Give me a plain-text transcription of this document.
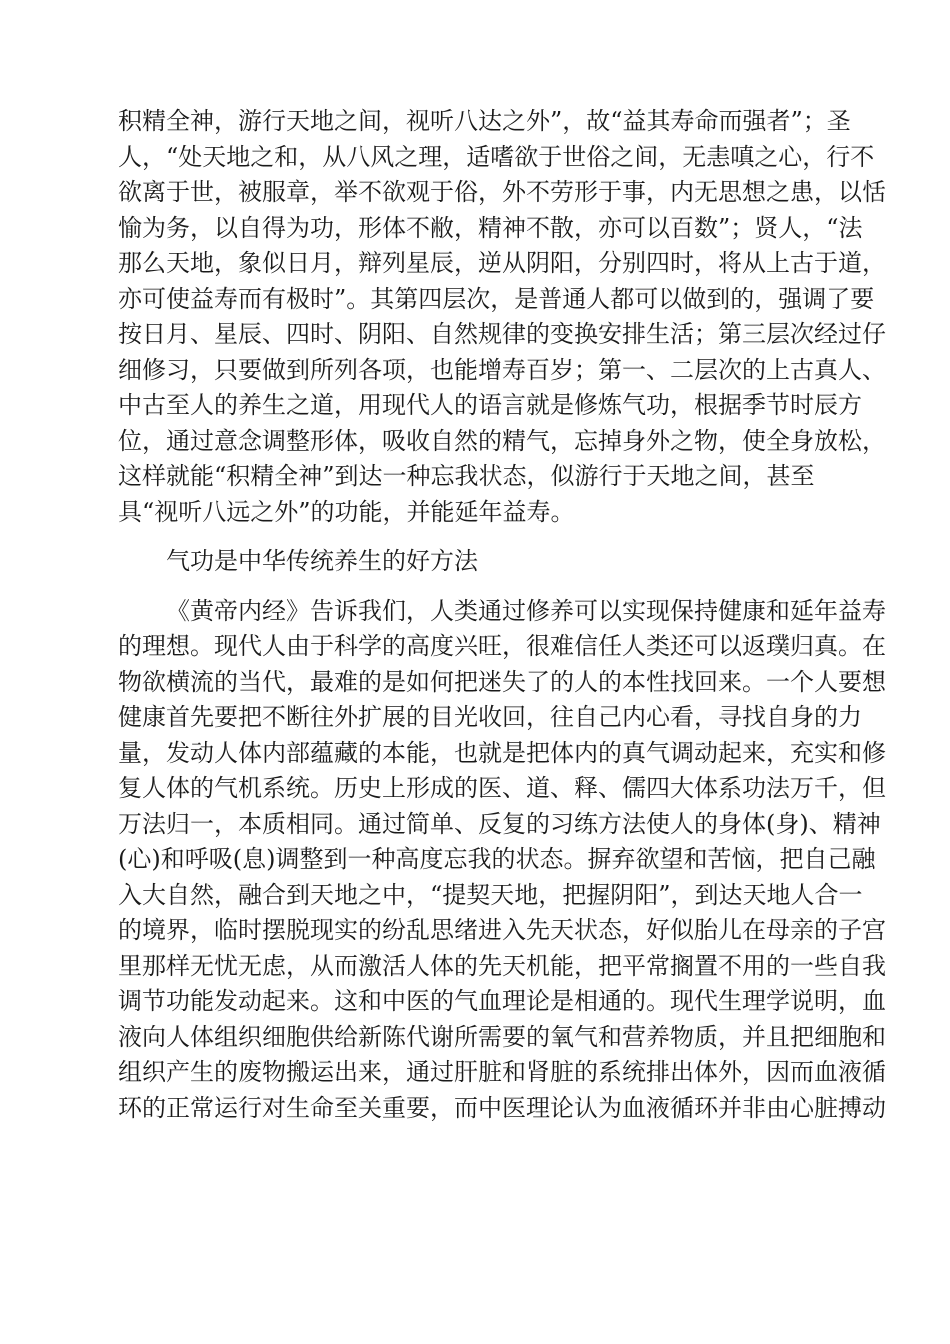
积精全神，游行天地之间，视听八达之外”，故“益其寿命而强者”；圣
人，“处天地之和，从八风之理，适嗜欲于世俗之间，无恚嗔之心，行不
欲离于世，被服章，举不欲观于俗，外不劳形于事，内无思想之患，以恬
愉为务，以自得为功，形体不敝，精神不散，亦可以百数”；贤人，“法
那么天地，象似日月，辩列星辰，逆从阴阳，分别四时，将从上古于道，
亦可使益寿而有极时”。其第四层次，是普通人都可以做到的，强调了要
按日月、星辰、四时、阴阳、自然规律的变换安排生活；第三层次经过仔
细修习，只要做到所列各项，也能增寿百岁；第一、二层次的上古真人、
中古至人的养生之道，用现代人的语言就是修炼气功，根据季节时辰方
位，通过意念调整形体，吸收自然的精气，忘掉身外之物，使全身放松，
这样就能“积精全神”到达一种忘我状态，似游行于天地之间，甚至
具“视听八远之外”的功能，并能延年益寿。
气功是中华传统养生的好方法
《黄帝内经》告诉我们，人类通过修养可以实现保持健康和延年益寿
的理想。现代人由于科学的高度兴旺，很难信任人类还可以返璞归真。在
物欲横流的当代，最难的是如何把迷失了的人的本性找回来。一个人要想
健康首先要把不断往外扩展的目光收回，往自己内心看，寻找自身的力
量，发动人体内部蕴藏的本能，也就是把体内的真气调动起来，充实和修
复人体的气机系统。历史上形成的医、道、释、儒四大体系功法万千，但
万法归一，本质相同。通过简单、反复的习练方法使人的身体(身)、精神
(心)和呼吸(息)调整到一种高度忘我的状态。摒弃欲望和苦恼，把自己融
入大自然，融合到天地之中，“提契天地，把握阴阳”，到达天地人合一
的境界，临时摆脱现实的纷乱思绪进入先天状态，好似胎儿在母亲的子宫
里那样无忧无虑，从而激活人体的先天机能，把平常搁置不用的一些自我
调节功能发动起来。这和中医的气血理论是相通的。现代生理学说明，血
液向人体组织细胞供给新陈代谢所需要的氧气和营养物质，并且把细胞和
组织产生的废物搬运出来，通过肝脏和肾脏的系统排出体外，因而血液循
环的正常运行对生命至关重要，而中医理论认为血液循环并非由心脏搏动
